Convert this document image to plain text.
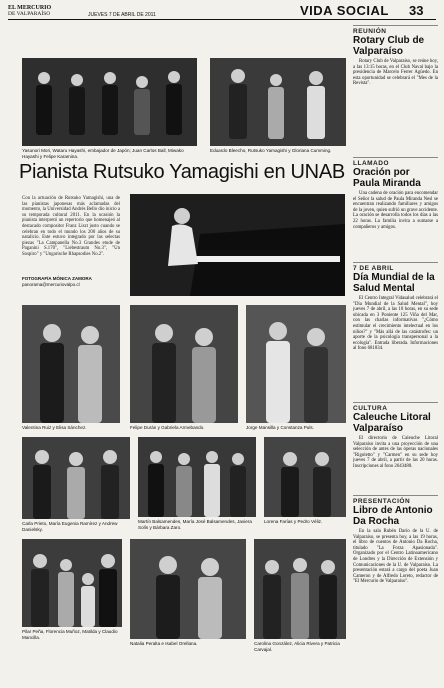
EL MERCURIO
DE VALPARAÍSO	JUEVES 7 DE ABRIL DE 2011	VIDA SOCIAL 33
Yasunori Mori, Wataru Hayashi, embajador de Japón; Juan Carlos Ball, Miwako Hayashi y Felipe Karamina.
Eduardo Bleecho, Rutsuko Yamagishi y Gloriana Cumming.
Pianista Rutsuko Yamagishi en UNAB
Con la actuación de Rutsuko Yamagishi, una de las pianistas japonesas más aclamadas del momento, la Universidad Andrés Bello dio inicio a su temporada cultural 2011. En la ocasión la pianista interpretó un repertorio que homenajeó al destacado compositor Franz Liszt justo cuando se celebran en todo el mundo los 200 años de su natalicio. Este estuvo integrado por las selectas piezas "La Campanella No.3 Grandes etude de Paganini S.170", "Liebestraum No.3", "Un Sospiro" y "Ungarische Rhapsodies No.2".
FOTOGRAFÍA MÓNICA ZAMORA
panorama@mercuriovalpo.cl
Valentina Ruiz y Elisa Sánchez.	Felipe Durán y Gabriela Armebando.	Jorge Mansilla y Constanza Puls.
Carla Prieto, María Eugenia Ramírez y Andrew Danielsky.
Martín Balsamendes, María José Balsamendes, Javiera Solís y Bárbara Zaro.
Lorena Farías y Pedro Véliz.
Pilar Peña, Florencia Muñoz, Matilda y Claudio Mancilla.
Natalia Peralta e Isabel Orellana.	Carolina González, Alicia Rivera y Patricia Carvajal.
REUNIÓN
Rotary Club de Valparaíso
Rotary Club de Valparaíso, se reúne hoy, a las 13:15 horas, en el Club Naval bajo la presidencia de Marcelo Ferrer Agüedo. En esta oportunidad se celebrará el "Mes de la Revista".
LLAMADO
Oración por Paula Miranda
Una cadena de oración para encomendar el Señor la salud de Paula Miranda Nesl se encuentran realizando familiares y amigos de la joven, quien sufrió un grave accidente. La oración se desarrolla todos los días a las 22 horas. La familia invita a sumarse a compañeros y amigos.
7 DE ABRIL
Día Mundial de la Salud Mental
El Centro Integral Vidasalud celebrará el "Día Mundial de la Salud Mental", hoy jueves 7 de abril, a las 10 horas, en su sede ubicada en 3 Poniente 125 Viña del Mar, con las charlas informativas "¿Cómo estimular el crecimiento intelectual en los niños?" y "Más allá de las catástrofes: un aporte de la psicología transpersonal a la ecología". Entrada liberada. Informaciones al fono 681834.
CULTURA
Caleuche Litoral Valparaíso
El directorio de Caleuche Litoral Valparaíso invita a una proyección de una selección de antes de las óperas nacionales "Rigoletto" y "Carmen" en su sede hoy jueves 7 de abril, a partir de las 20 horas. Inscripciones al fono 2643488.
PRESENTACIÓN
Libro de Antonio Da Rocha
En la sala Rubén Darío de la U. de Valparaíso, se presenta hoy, a las 19 horas, el libro de cuentos de Antonio Da Rocha, titulado "La Forza Apasionada". Organizado por el Centro Latinoamericano de Londres y la Dirección de Extensión y Comunicaciones de la U. de Valparaíso. La presentación estará a cargo del poeta Juan Cameron y de Alfredo Loreto, redactor de "El Mercurio de Valparaíso".
